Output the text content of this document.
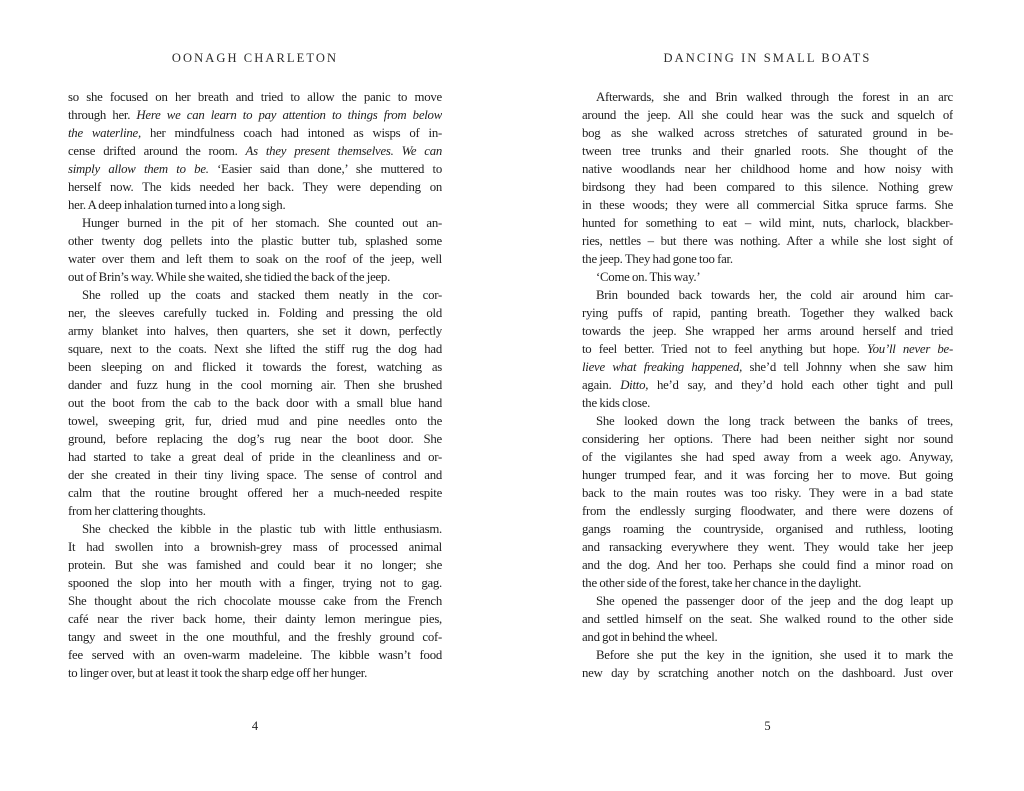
OONAGH CHARLETON
so she focused on her breath and tried to allow the panic to move
through her. Here we can learn to pay attention to things from below
the waterline, her mindfulness coach had intoned as wisps of in-
cense drifted around the room. As they present themselves. We can
simply allow them to be. ‘Easier said than done,’ she muttered to
herself now. The kids needed her back. They were depending on
her. A deep inhalation turned into a long sigh.
Hunger burned in the pit of her stomach. She counted out an-
other twenty dog pellets into the plastic butter tub, splashed some
water over them and left them to soak on the roof of the jeep, well
out of Brin’s way. While she waited, she tidied the back of the jeep.
She rolled up the coats and stacked them neatly in the cor-
ner, the sleeves carefully tucked in. Folding and pressing the old
army blanket into halves, then quarters, she set it down, perfectly
square, next to the coats. Next she lifted the stiff rug the dog had
been sleeping on and flicked it towards the forest, watching as
dander and fuzz hung in the cool morning air. Then she brushed
out the boot from the cab to the back door with a small blue hand
towel, sweeping grit, fur, dried mud and pine needles onto the
ground, before replacing the dog’s rug near the boot door. She
had started to take a great deal of pride in the cleanliness and or-
der she created in their tiny living space. The sense of control and
calm that the routine brought offered her a much-needed respite
from her clattering thoughts.
She checked the kibble in the plastic tub with little enthusiasm.
It had swollen into a brownish-grey mass of processed animal
protein. But she was famished and could bear it no longer; she
spooned the slop into her mouth with a finger, trying not to gag.
She thought about the rich chocolate mousse cake from the French
café near the river back home, their dainty lemon meringue pies,
tangy and sweet in the one mouthful, and the freshly ground cof-
fee served with an oven-warm madeleine. The kibble wasn’t food
to linger over, but at least it took the sharp edge off her hunger.
4
DANCING IN SMALL BOATS
Afterwards, she and Brin walked through the forest in an arc
around the jeep. All she could hear was the suck and squelch of
bog as she walked across stretches of saturated ground in be-
tween tree trunks and their gnarled roots. She thought of the
native woodlands near her childhood home and how noisy with
birdsong they had been compared to this silence. Nothing grew
in these woods; they were all commercial Sitka spruce farms. She
hunted for something to eat – wild mint, nuts, charlock, blackber-
ries, nettles – but there was nothing. After a while she lost sight of
the jeep. They had gone too far.
‘Come on. This way.’
Brin bounded back towards her, the cold air around him car-
rying puffs of rapid, panting breath. Together they walked back
towards the jeep. She wrapped her arms around herself and tried
to feel better. Tried not to feel anything but hope. You’ll never be-
lieve what freaking happened, she’d tell Johnny when she saw him
again. Ditto, he’d say, and they’d hold each other tight and pull
the kids close.
She looked down the long track between the banks of trees,
considering her options. There had been neither sight nor sound
of the vigilantes she had sped away from a week ago. Anyway,
hunger trumped fear, and it was forcing her to move. But going
back to the main routes was too risky. They were in a bad state
from the endlessly surging floodwater, and there were dozens of
gangs roaming the countryside, organised and ruthless, looting
and ransacking everywhere they went. They would take her jeep
and the dog. And her too. Perhaps she could find a minor road on
the other side of the forest, take her chance in the daylight.
She opened the passenger door of the jeep and the dog leapt up
and settled himself on the seat. She walked round to the other side
and got in behind the wheel.
Before she put the key in the ignition, she used it to mark the
new day by scratching another notch on the dashboard. Just over
5
